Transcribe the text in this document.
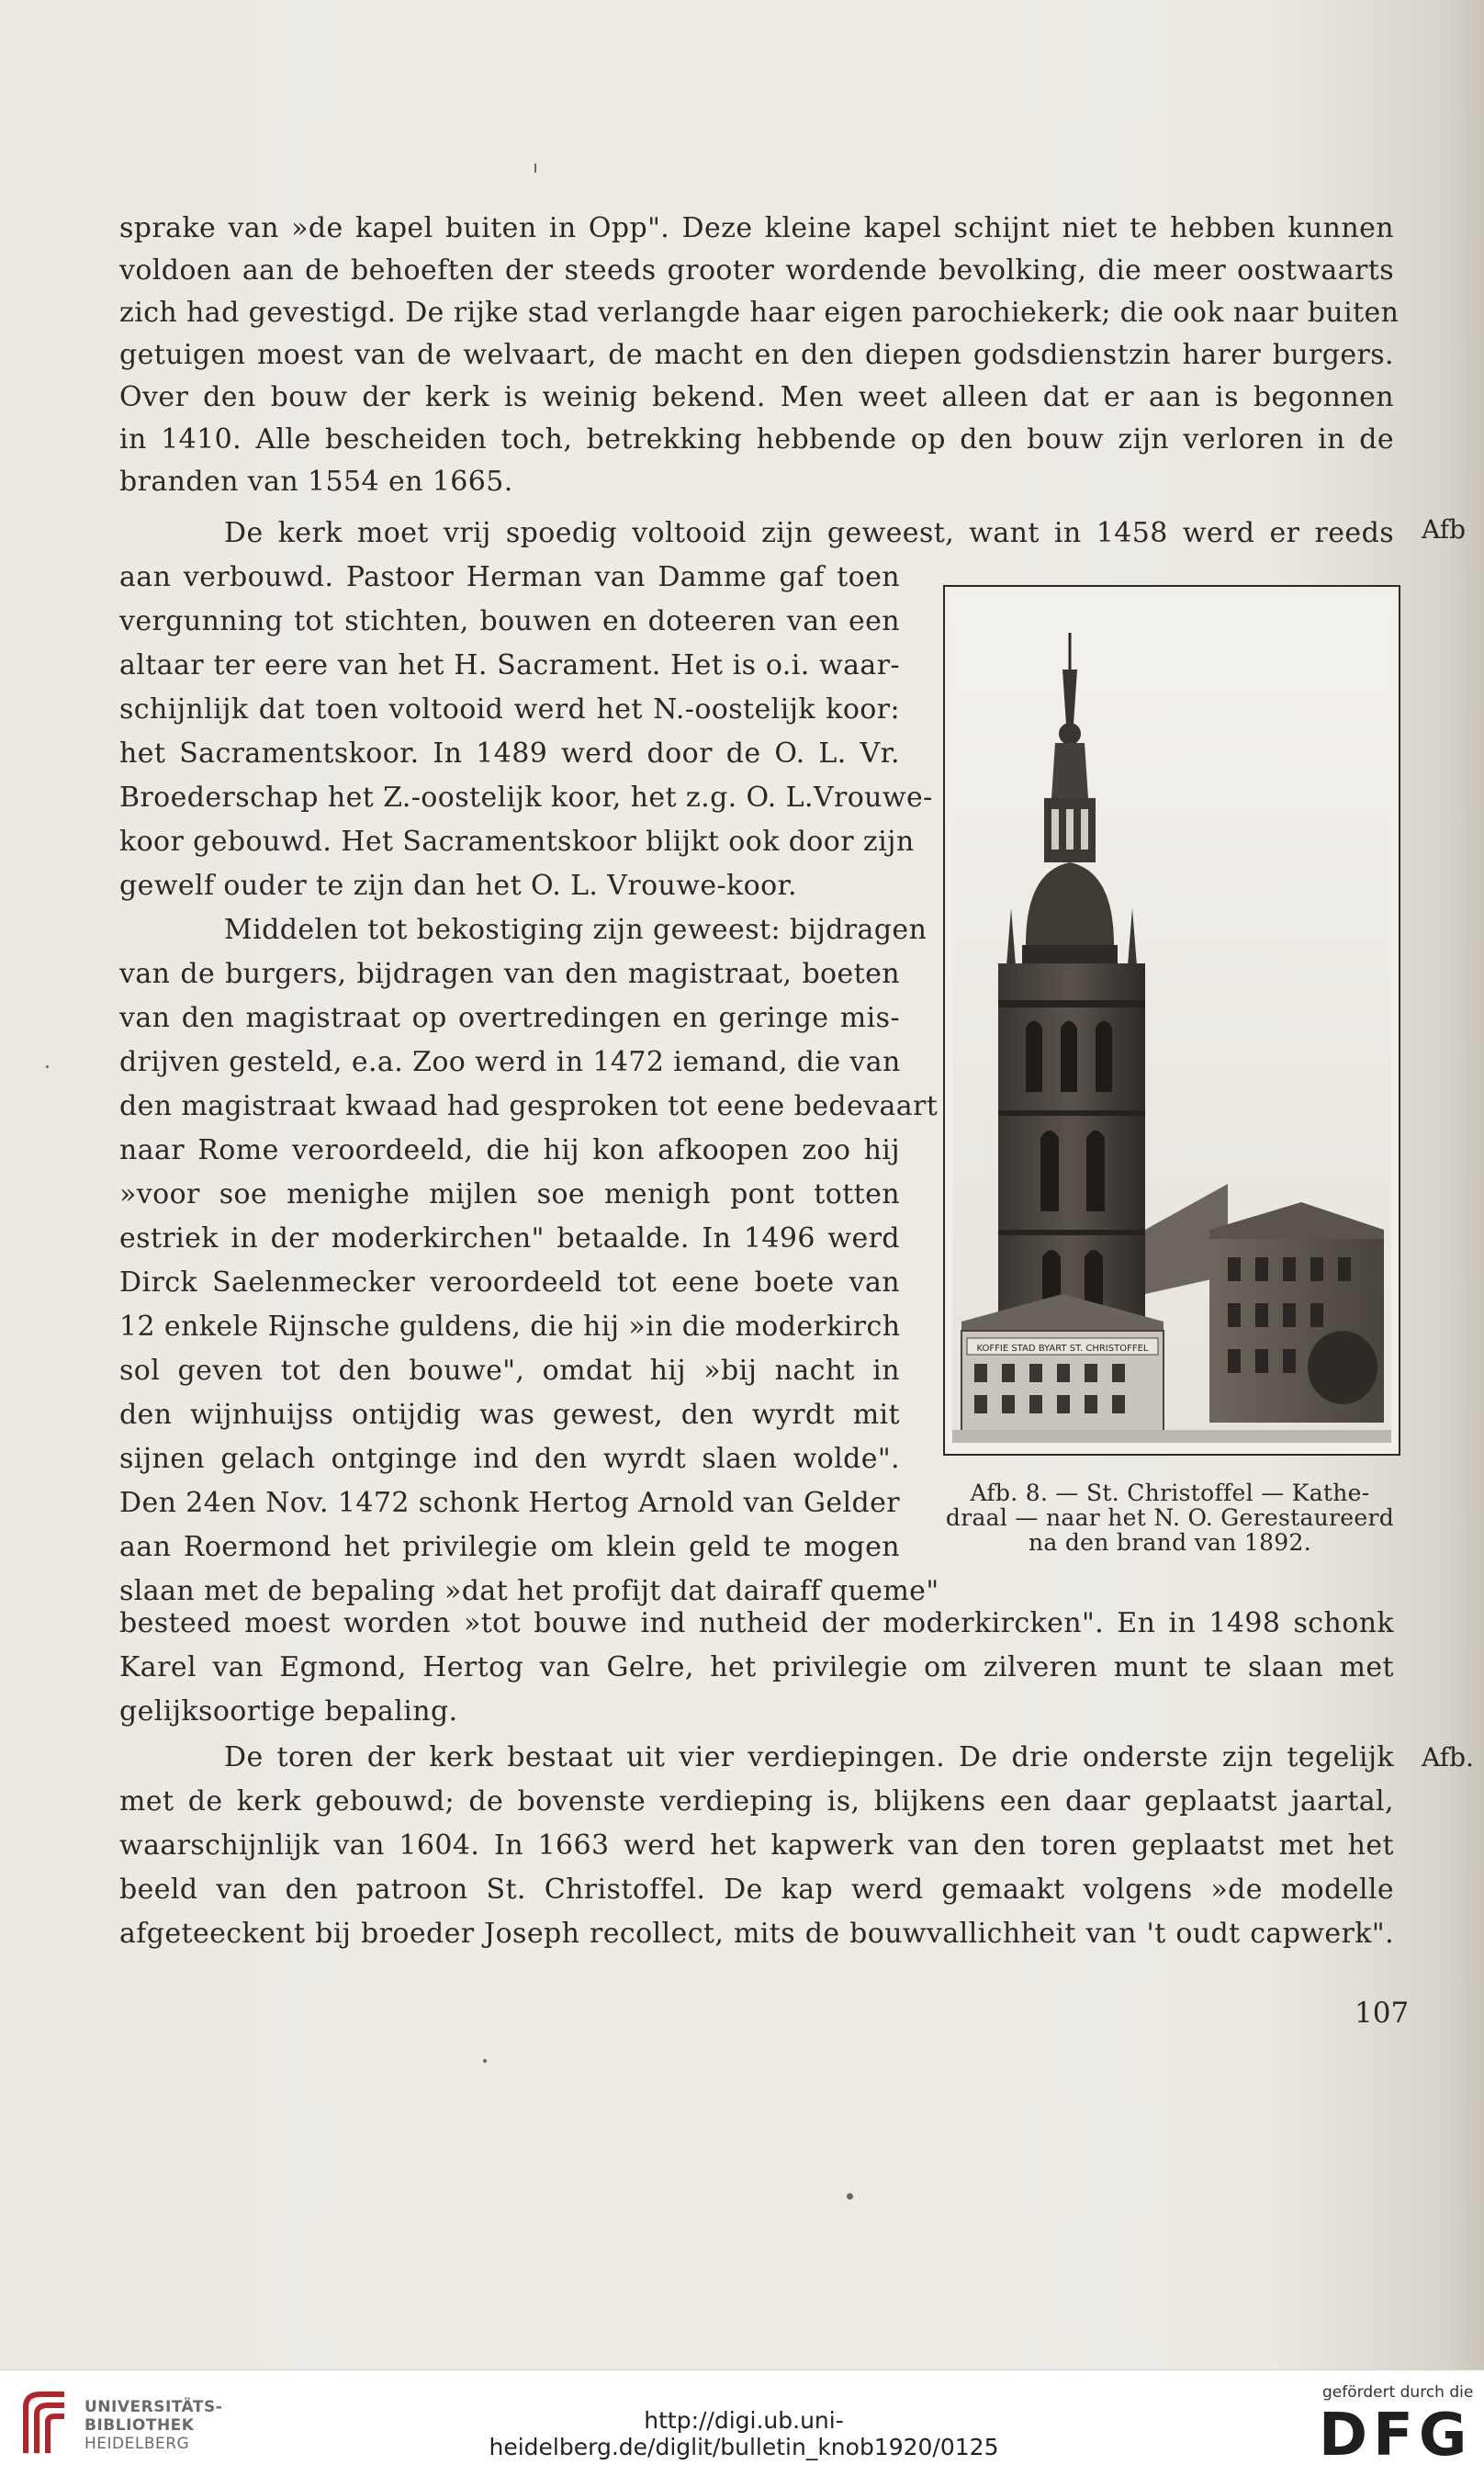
sprake van »de kapel buiten in Opp". Deze kleine kapel schijnt niet te hebben kunnen
voldoen aan de behoeften der steeds grooter wordende bevolking, die meer oostwaarts
zich had gevestigd. De rijke stad verlangde haar eigen parochiekerk; die ook naar buiten
getuigen moest van de welvaart, de macht en den diepen godsdienstzin harer burgers.
Over den bouw der kerk is weinig bekend. Men weet alleen dat er aan is begonnen
in 1410. Alle bescheiden toch, betrekking hebbende op den bouw zijn verloren in de
branden van 1554 en 1665.
De kerk moet vrij spoedig voltooid zijn geweest, want in 1458 werd er reeds Afb
aan verbouwd. Pastoor Herman van Damme gaf toen
vergunning tot stichten, bouwen en doteeren van een
altaar ter eere van het H. Sacrament. Het is o.i. waar-
schijnlijk dat toen voltooid werd het N.-oostelijk koor:
het Sacramentskoor. In 1489 werd door de O. L. Vr.
Broederschap het Z.-oostelijk koor, het z.g. O. L.Vrouwe-
koor gebouwd. Het Sacramentskoor blijkt ook door zijn
gewelf ouder te zijn dan het O. L. Vrouwe-koor.
Middelen tot bekostiging zijn geweest: bijdragen
van de burgers, bijdragen van den magistraat, boeten
van den magistraat op overtredingen en geringe mis-
drijven gesteld, e.a. Zoo werd in 1472 iemand, die van
den magistraat kwaad had gesproken tot eene bedevaart
naar Rome veroordeeld, die hij kon afkoopen zoo hij
»voor soe menighe mijlen soe menigh pont totten
estriek in der moderkirchen" betaalde. In 1496 werd
Dirck Saelenmecker veroordeeld tot eene boete van
12 enkele Rijnsche guldens, die hij »in die moderkirch
sol geven tot den bouwe", omdat hij »bij nacht in
den wijnhuijss ontijdig was gewest, den wyrdt mit
sijnen gelach ontginge ind den wyrdt slaen wolde".
Den 24en Nov. 1472 schonk Hertog Arnold van Gelder
aan Roermond het privilegie om klein geld te mogen
slaan met de bepaling »dat het profijt dat dairaff queme"
KOFFIE STAD BYART ST. CHRISTOFFEL
Afb. 8. — St. Christoffel — Kathe-
draal — naar het N. O. Gerestaureerd
na den brand van 1892.
besteed moest worden »tot bouwe ind nutheid der moderkircken". En in 1498 schonk
Karel van Egmond, Hertog van Gelre, het privilegie om zilveren munt te slaan met
gelijksoortige bepaling.
De toren der kerk bestaat uit vier verdiepingen. De drie onderste zijn tegelijk Afb.
met de kerk gebouwd; de bovenste verdieping is, blijkens een daar geplaatst jaartal,
waarschijnlijk van 1604. In 1663 werd het kapwerk van den toren geplaatst met het
beeld van den patroon St. Christoffel. De kap werd gemaakt volgens »de modelle
afgeteeckent bij broeder Joseph recollect, mits de bouwvallichheit van 't oudt capwerk".
107
UNIVERSITÄTS-
BIBLIOTHEK
HEIDELBERG
http://digi.ub.uni-heidelberg.de/diglit/bulletin_knob1920/0125
gefördert durch die
DFG
